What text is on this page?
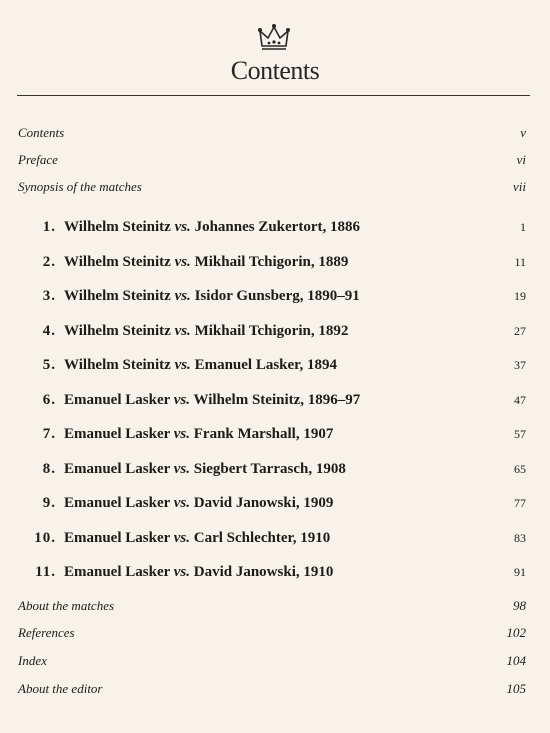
Contents
Contents	v
Preface	vi
Synopsis of the matches	vii
1. Wilhelm Steinitz vs. Johannes Zukertort, 1886	1
2. Wilhelm Steinitz vs. Mikhail Tchigorin, 1889	11
3. Wilhelm Steinitz vs. Isidor Gunsberg, 1890–91	19
4. Wilhelm Steinitz vs. Mikhail Tchigorin, 1892	27
5. Wilhelm Steinitz vs. Emanuel Lasker, 1894	37
6. Emanuel Lasker vs. Wilhelm Steinitz, 1896–97	47
7. Emanuel Lasker vs. Frank Marshall, 1907	57
8. Emanuel Lasker vs. Siegbert Tarrasch, 1908	65
9. Emanuel Lasker vs. David Janowski, 1909	77
10. Emanuel Lasker vs. Carl Schlechter, 1910	83
11. Emanuel Lasker vs. David Janowski, 1910	91
About the matches	98
References	102
Index	104
About the editor	105
